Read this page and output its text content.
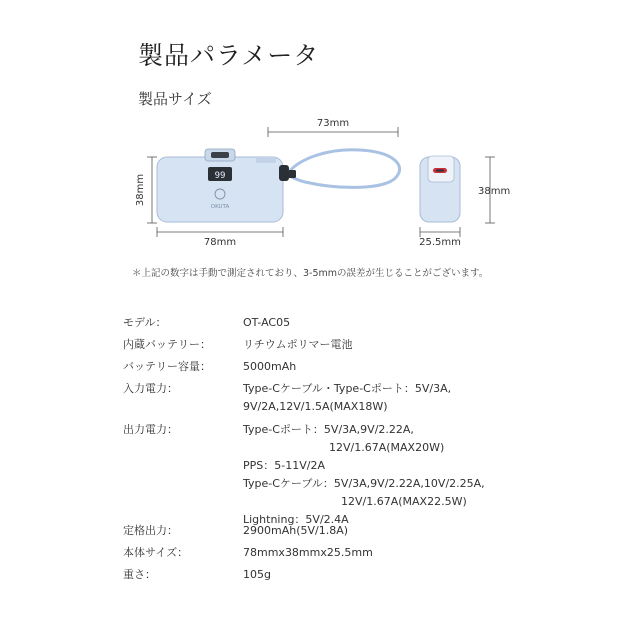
製品パラメータ
製品サイズ
73mm
38mm	99
OKUTA
78mm
38mm
25.5mm
＊上記の数字は手動で測定されており、3-5mmの誤差が生じることがございます。
モデル：	OT-AC05
内蔵バッテリー：	リチウムポリマー電池
バッテリー容量：	5000mAh
入力電力：	Type-Cケーブル・Type-Cポート：5V/3A,
9V/2A,12V/1.5A(MAX18W)
出力電力：	Type-Cポート：5V/3A,9V/2.22A,
12V/1.67A(MAX20W)
PPS：5-11V/2A
Type-Cケーブル：5V/3A,9V/2.22A,10V/2.25A,
12V/1.67A(MAX22.5W)
Lightning：5V/2.4A
定格出力：	2900mAh(5V/1.8A)
本体サイズ：	78mmx38mmx25.5mm
重さ：	105g
